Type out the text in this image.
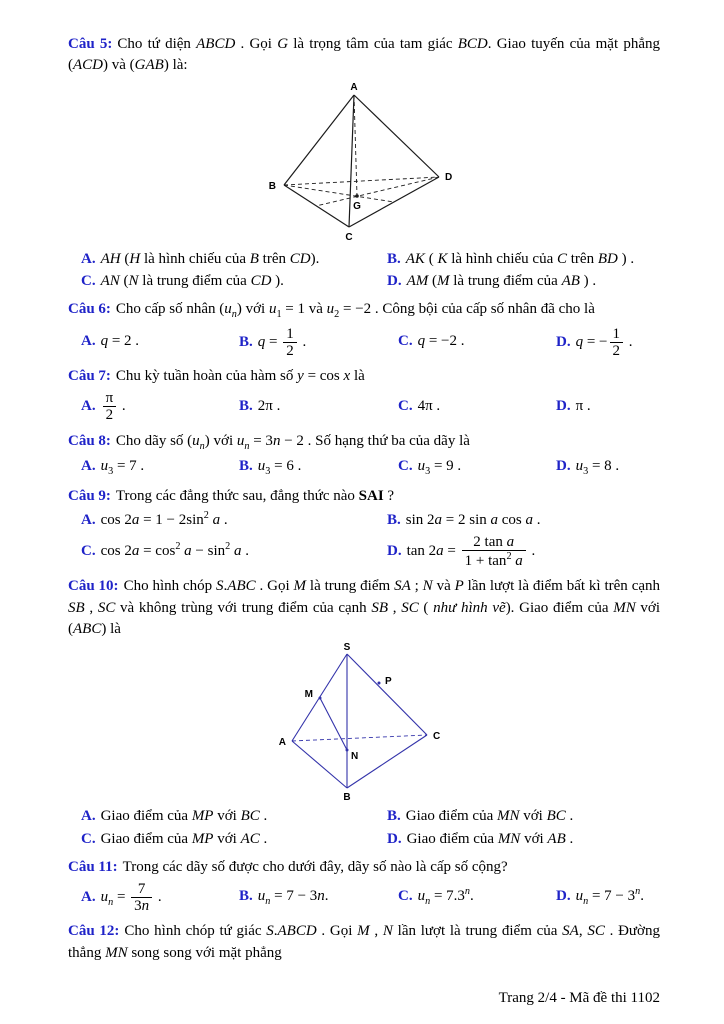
Câu 5: Cho tứ diện ABCD . Gọi G là trọng tâm của tam giác BCD. Giao tuyến của mặt phẳng (ACD) và (GAB) là:

A
B
D
C
G
A. AH (H là hình chiếu của B trên CD).	B. AK ( K là hình chiếu của C trên BD ) .
C. AN (N là trung điểm của CD ).	D. AM (M là trung điểm của AB ) .

Câu 6: Cho cấp số nhân $(u_n)$ với $u_1 = 1$ và $u_2 = -2$ . Công bội của cấp số nhân đã cho là

A. q = 2 .	B. $q = \frac{1}{2}$ .	C. q = −2 .	D. q = − $\frac{1}{2}$ .

Câu 7: Chu kỳ tuần hoàn của hàm số y = cos x là

A. $\frac{\pi}{2}$ .	B. 2π .	C. 4π .	D. π .

Câu 8: Cho dãy số $(u_n)$ với $u_n = 3n - 2$ . Số hạng thứ ba của dãy là

A. $u_3 = 7$ .	B. $u_3 = 6$ .	C. $u_3 = 9$ .	D. $u_3 = 8$ .

Câu 9: Trong các đẳng thức sau, đẳng thức nào SAI ?

A. $\cos 2a = 1 - 2\sin^2$ a .	B. sin 2a = 2 sin a cos a .
C. $\cos 2a = \cos^2 a - \sin^2 a$ .	D. $\tan 2a = \frac{\text{2 tan a}}{1 + \tan^2 a}$ .

Câu 10: Cho hình chóp S.ABC . Gọi M là trung điểm SA ; N và P lần lượt là điểm bất kì trên cạnh SB , SC và không trùng với trung điểm của cạnh SB , SC ( như hình vẽ). Giao điểm của MN với (ABC) là

S
P
M
A
C
N
B
A. Giao điểm của MP với BC .	B. Giao điểm của MN với BC .
C. Giao điểm của MP với AC .	D. Giao điểm của MN với AB .

Câu 11: Trong các dãy số được cho dưới đây, dãy số nào là cấp số cộng?

A. $u_n = \frac{7}{3n}$ .	B. $u_n = 7 - 3n$.	C. $u_n = 7.3^n$.	D. $u_n = 7 - 3^n$.

Câu 12: Cho hình chóp tứ giác S.ABCD . Gọi M , N lần lượt là trung điểm của SA, SC . Đường thẳng MN song song với mặt phẳng

Trang 2/4 - Mã đề thi 1102
